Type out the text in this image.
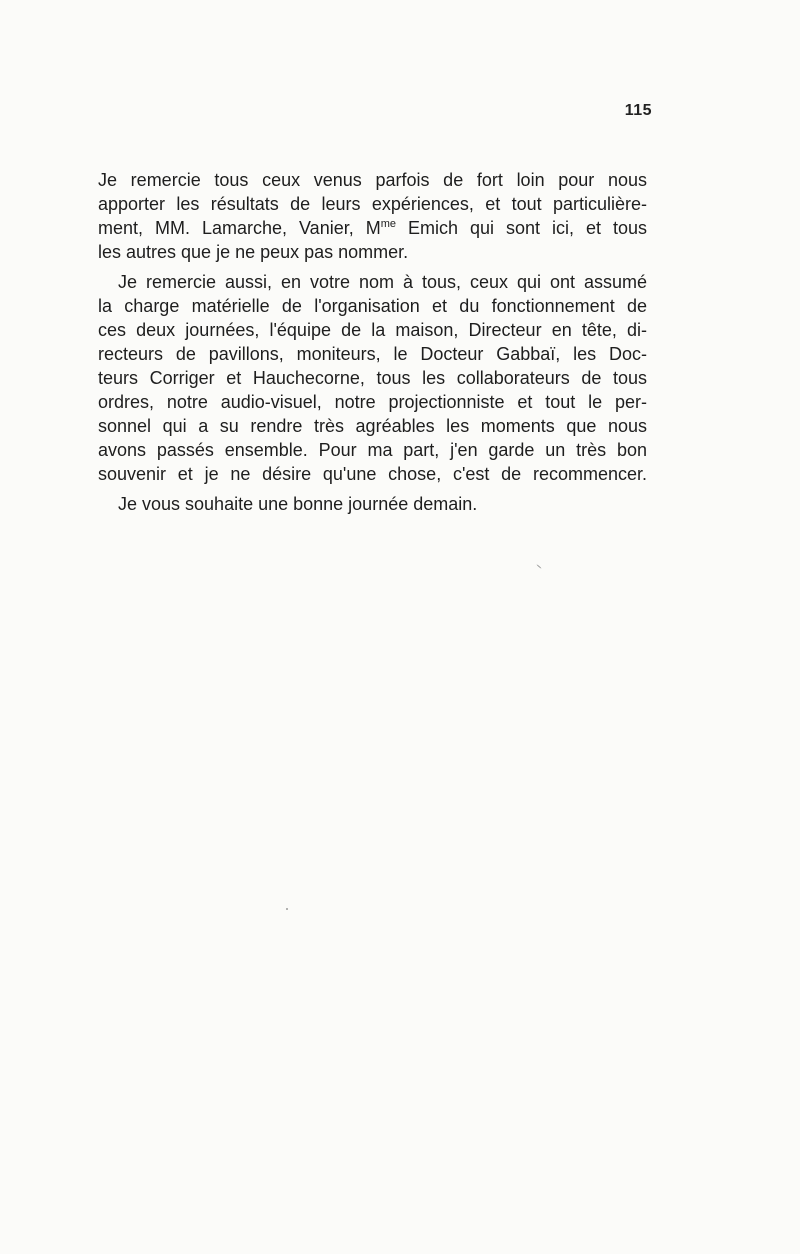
115
Je remercie tous ceux venus parfois de fort loin pour nous
apporter les résultats de leurs expériences, et tout particulière-
ment, MM. Lamarche, Vanier, $M^{me}$ Emich qui sont ici, et tous
les autres que je ne peux pas nommer.
Je remercie aussi, en votre nom à tous, ceux qui ont assumé
la charge matérielle de l'organisation et du fonctionnement de
ces deux journées, l'équipe de la maison, Directeur en tête, di-
recteurs de pavillons, moniteurs, le Docteur Gabbaï, les Doc-
teurs Corriger et Hauchecorne, tous les collaborateurs de tous
ordres, notre audio-visuel, notre projectionniste et tout le per-
sonnel qui a su rendre très agréables les moments que nous
avons passés ensemble. Pour ma part, j'en garde un très bon
souvenir et je ne désire qu'une chose, c'est de recommencer.
Je vous souhaite une bonne journée demain.
